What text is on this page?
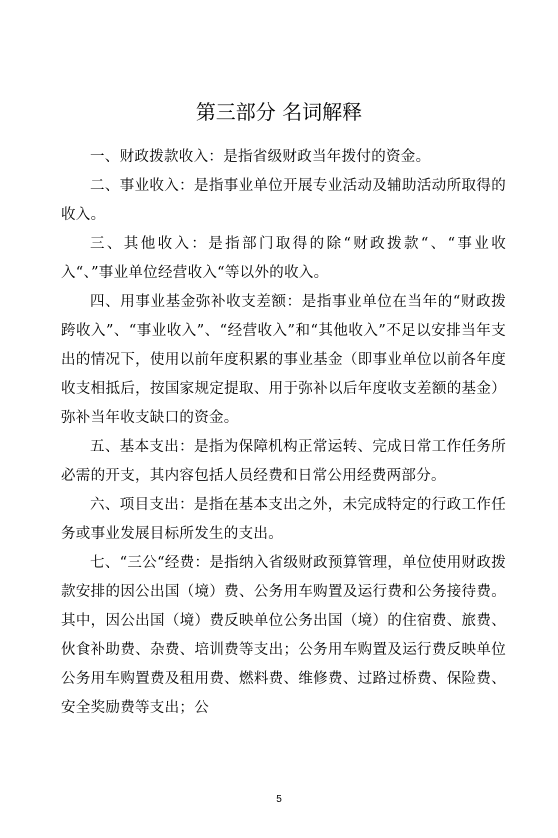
第三部分 名词解释

一、财政拨款收入：是指省级财政当年拨付的资金。

二、事业收入：是指事业单位开展专业活动及辅助活动所取得的收入。

三、其他收入：是指部门取得的除“财政拨款“、“事业收入“、”事业单位经营收入“等以外的收入。

四、用事业基金弥补收支差额：是指事业单位在当年的“财政拨跨收入”、“事业收入”、“经营收入”和“其他收入”不足以安排当年支出的情况下，使用以前年度积累的事业基金（即事业单位以前各年度收支相抵后，按国家规定提取、用于弥补以后年度收支差额的基金）弥补当年收支缺口的资金。

五、基本支出：是指为保障机构正常运转、完成日常工作任务所必需的开支，其内容包括人员经费和日常公用经费两部分。

六、项目支出：是指在基本支出之外，未完成特定的行政工作任务或事业发展目标所发生的支出。

七、“三公“经费：是指纳入省级财政预算管理，单位使用财政拨款安排的因公出国（境）费、公务用车购置及运行费和公务接待费。其中，因公出国（境）费反映单位公务出国（境）的住宿费、旅费、伙食补助费、杂费、培训费等支出；公务用车购置及运行费反映单位公务用车购置费及租用费、燃料费、维修费、过路过桥费、保险费、安全奖励费等支出；公

5
